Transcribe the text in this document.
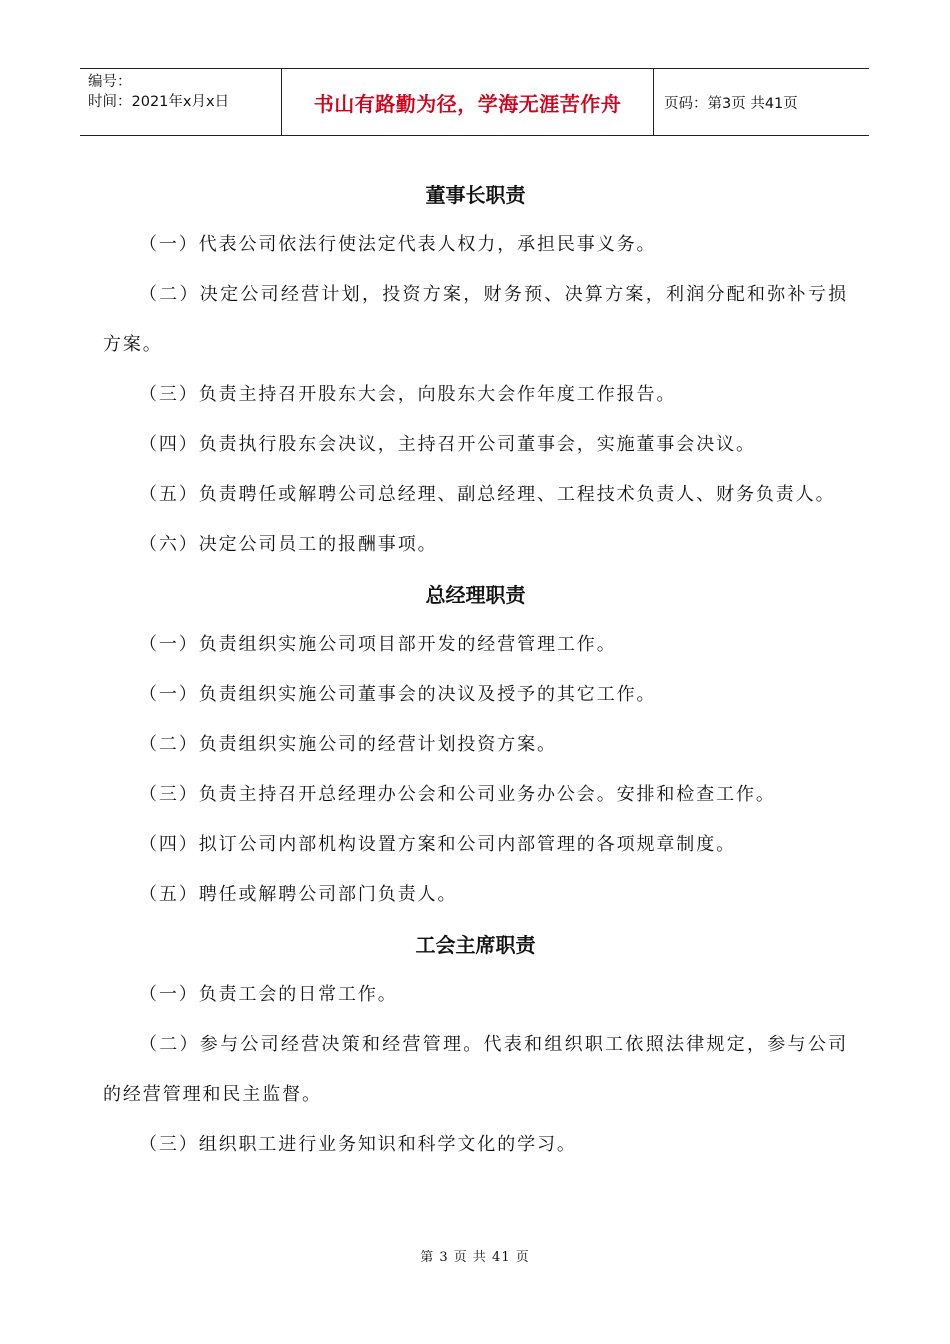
编号：
时间：2021年x月x日	书山有路勤为径，学海无涯苦作舟	页码：第3页 共41页
董事长职责

（一）代表公司依法行使法定代表人权力，承担民事义务。

（二）决定公司经营计划，投资方案，财务预、决算方案，利润分配和弥补亏损方案。

（三）负责主持召开股东大会，向股东大会作年度工作报告。

（四）负责执行股东会决议，主持召开公司董事会，实施董事会决议。

（五）负责聘任或解聘公司总经理、副总经理、工程技术负责人、财务负责人。

（六）决定公司员工的报酬事项。

总经理职责

（一）负责组织实施公司项目部开发的经营管理工作。

（一）负责组织实施公司董事会的决议及授予的其它工作。

（二）负责组织实施公司的经营计划投资方案。

（三）负责主持召开总经理办公会和公司业务办公会。安排和检查工作。

（四）拟订公司内部机构设置方案和公司内部管理的各项规章制度。

（五）聘任或解聘公司部门负责人。

工会主席职责

（一）负责工会的日常工作。

（二）参与公司经营决策和经营管理。代表和组织职工依照法律规定，参与公司的经营管理和民主监督。

（三）组织职工进行业务知识和科学文化的学习。

第 3 页 共 41 页
